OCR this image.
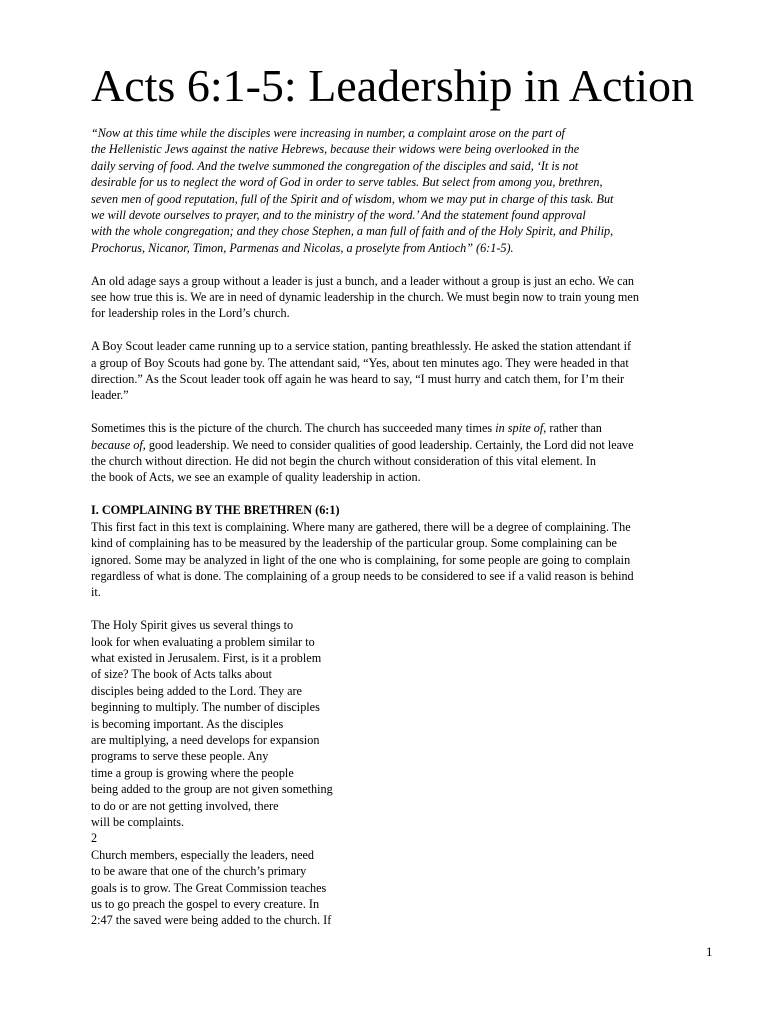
Acts 6:1-5: Leadership in Action

“Now at this time while the disciples were increasing in number, a complaint arose on the part of
the Hellenistic Jews against the native Hebrews, because their widows were being overlooked in the
daily serving of food. And the twelve summoned the congregation of the disciples and said, ‘It is not
desirable for us to neglect the word of God in order to serve tables. But select from among you, brethren,
seven men of good reputation, full of the Spirit and of wisdom, whom we may put in charge of this task. But
we will devote ourselves to prayer, and to the ministry of the word.’ And the statement found approval
with the whole congregation; and they chose Stephen, a man full of faith and of the Holy Spirit, and Philip,
Prochorus, Nicanor, Timon, Parmenas and Nicolas, a proselyte from Antioch” (6:1-5).

An old adage says a group without a leader is just a bunch, and a leader without a group is just an echo. We can
see how true this is. We are in need of dynamic leadership in the church. We must begin now to train young men
for leadership roles in the Lord’s church.

A Boy Scout leader came running up to a service station, panting breathlessly. He asked the station attendant if
a group of Boy Scouts had gone by. The attendant said, “Yes, about ten minutes ago. They were headed in that
direction.” As the Scout leader took off again he was heard to say, “I must hurry and catch them, for I’m their
leader.”

Sometimes this is the picture of the church. The church has succeeded many times in spite of, rather than
because of, good leadership. We need to consider qualities of good leadership. Certainly, the Lord did not leave
the church without direction. He did not begin the church without consideration of this vital element. In
the book of Acts, we see an example of quality leadership in action.

I. COMPLAINING BY THE BRETHREN (6:1)

This first fact in this text is complaining. Where many are gathered, there will be a degree of complaining. The
kind of complaining has to be measured by the leadership of the particular group. Some complaining can be
ignored. Some may be analyzed in light of the one who is complaining, for some people are going to complain
regardless of what is done. The complaining of a group needs to be considered to see if a valid reason is behind
it.

The Holy Spirit gives us several things to
look for when evaluating a problem similar to
what existed in Jerusalem. First, is it a problem
of size? The book of Acts talks about
disciples being added to the Lord. They are
beginning to multiply. The number of disciples
is becoming important. As the disciples
are multiplying, a need develops for expansion
programs to serve these people. Any
time a group is growing where the people
being added to the group are not given something
to do or are not getting involved, there
will be complaints.
2

Church members, especially the leaders, need
to be aware that one of the church’s primary
goals is to grow. The Great Commission teaches
us to go preach the gospel to every creature. In
2:47 the saved were being added to the church. If

1
